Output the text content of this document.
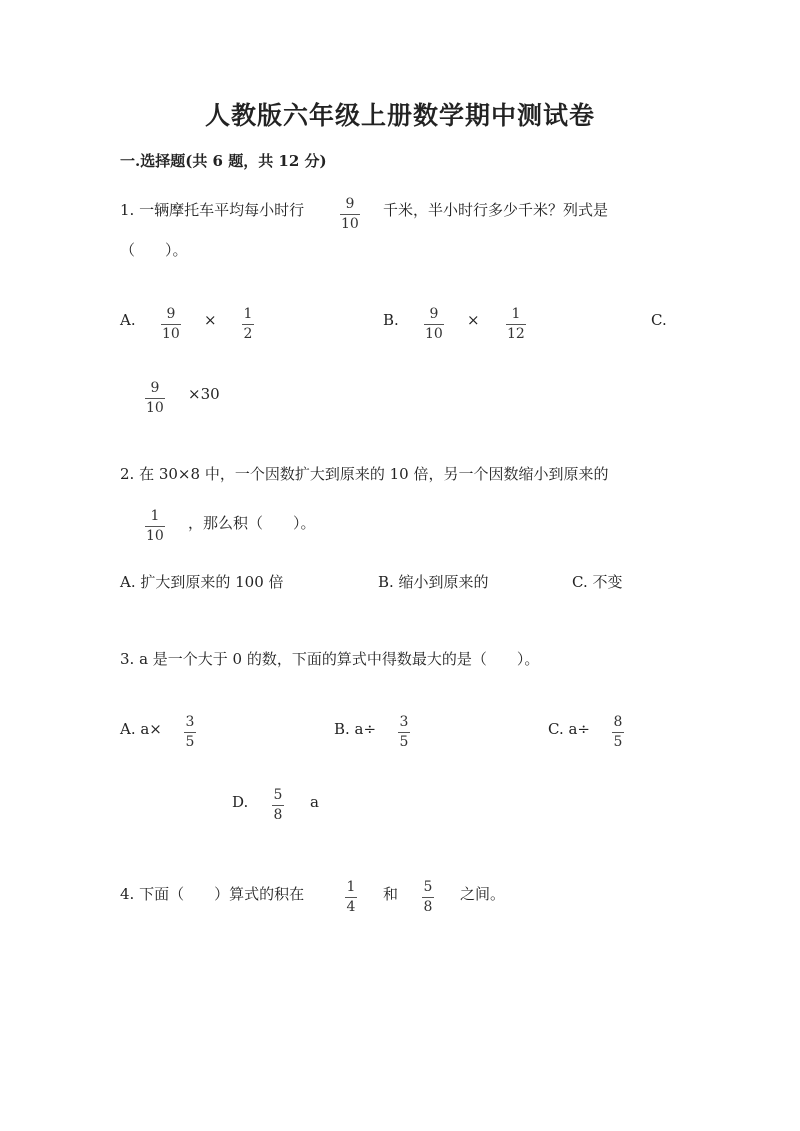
人教版六年级上册数学期中测试卷
一.选择题(共 6 题，共 12 分)
1. 一辆摩托车平均每小时行	9
10
千米，半小时行多少千米？列式是
（　　）。
A. 9
10
× 1
2
B. 9
10
× 1
12
C.
9
10
×30
2. 在 30×8 中，一个因数扩大到原来的 10 倍，另一个因数缩小到原来的
1
10
，那么积（　　）。
A. 扩大到原来的 100 倍	B. 缩小到原来的	C. 不变
3. a 是一个大于 0 的数，下面的算式中得数最大的是（　　）。
A. a× 3
5
B. a÷ 3
5
C. a÷ 8
5
D. 5
8
a
4. 下面（　　）算式的积在	1
4
和 5
8
之间。
